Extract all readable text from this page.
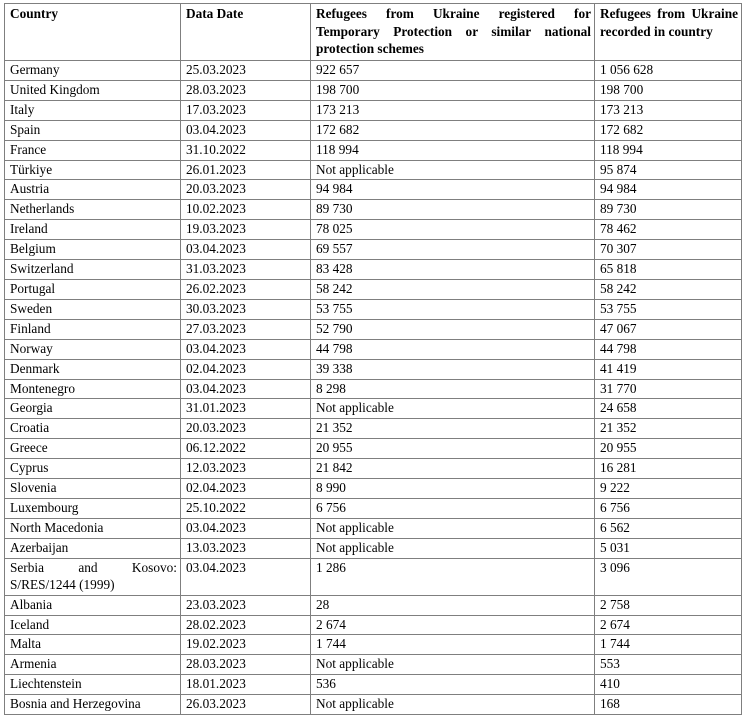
Country	Data Date	Refugees from Ukraine registered for Temporary Protection or similar national protection schemes	Refugees from Ukraine recorded in country
Germany	25.03.2023	922 657	1 056 628
United Kingdom	28.03.2023	198 700	198 700
Italy	17.03.2023	173 213	173 213
Spain	03.04.2023	172 682	172 682
France	31.10.2022	118 994	118 994
Türkiye	26.01.2023	Not applicable	95 874
Austria	20.03.2023	94 984	94 984
Netherlands	10.02.2023	89 730	89 730
Ireland	19.03.2023	78 025	78 462
Belgium	03.04.2023	69 557	70 307
Switzerland	31.03.2023	83 428	65 818
Portugal	26.02.2023	58 242	58 242
Sweden	30.03.2023	53 755	53 755
Finland	27.03.2023	52 790	47 067
Norway	03.04.2023	44 798	44 798
Denmark	02.04.2023	39 338	41 419
Montenegro	03.04.2023	8 298	31 770
Georgia	31.01.2023	Not applicable	24 658
Croatia	20.03.2023	21 352	21 352
Greece	06.12.2022	20 955	20 955
Cyprus	12.03.2023	21 842	16 281
Slovenia	02.04.2023	8 990	9 222
Luxembourg	25.10.2022	6 756	6 756
North Macedonia	03.04.2023	Not applicable	6 562
Azerbaijan	13.03.2023	Not applicable	5 031
Serbia and Kosovo: S/RES/1244 (1999)	03.04.2023	1 286	3 096
Albania	23.03.2023	28	2 758
Iceland	28.02.2023	2 674	2 674
Malta	19.02.2023	1 744	1 744
Armenia	28.03.2023	Not applicable	553
Liechtenstein	18.01.2023	536	410
Bosnia and Herzegovina	26.03.2023	Not applicable	168
